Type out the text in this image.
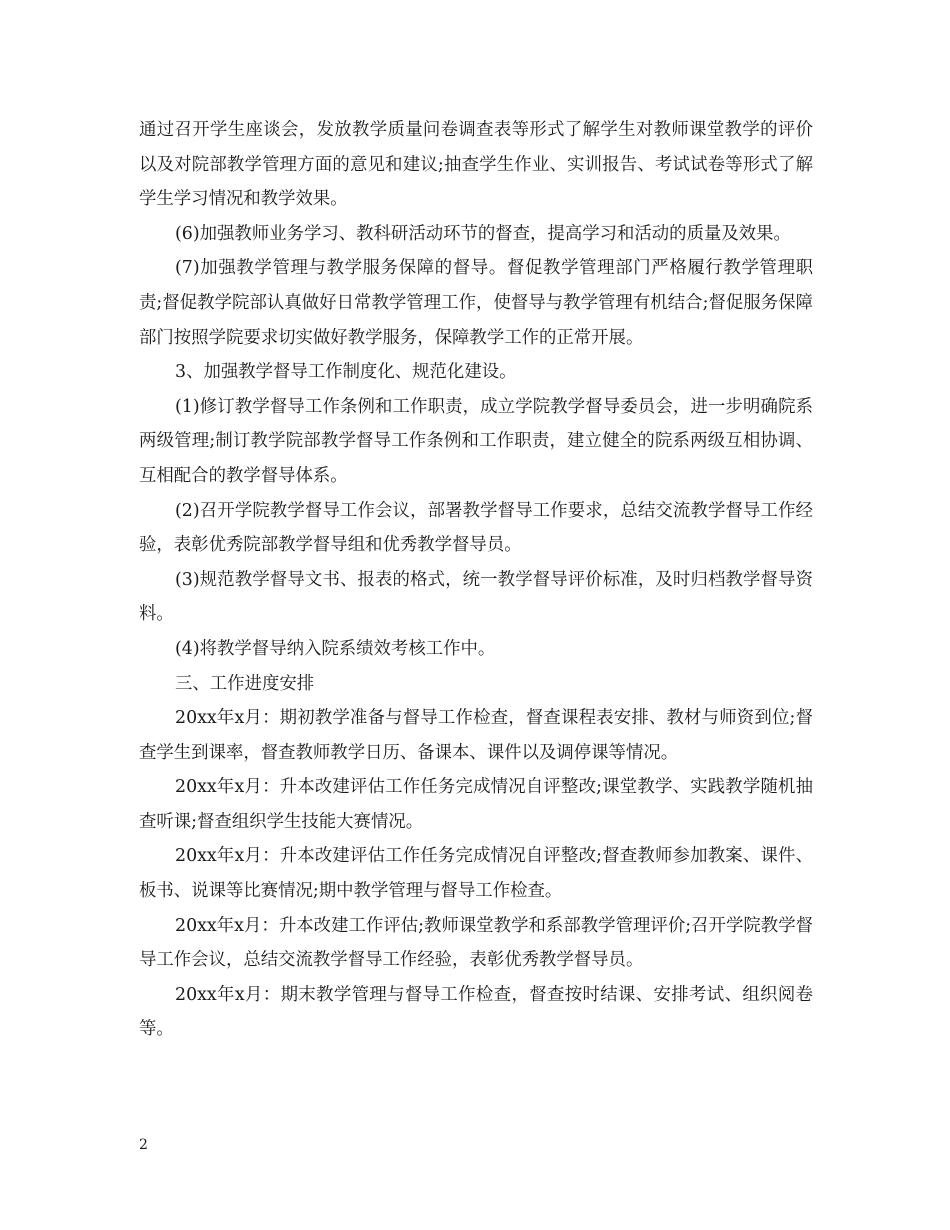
通过召开学生座谈会，发放教学质量问卷调查表等形式了解学生对教师课堂教学的评价以及对院部教学管理方面的意见和建议;抽查学生作业、实训报告、考试试卷等形式了解学生学习情况和教学效果。

(6)加强教师业务学习、教科研活动环节的督查，提高学习和活动的质量及效果。

(7)加强教学管理与教学服务保障的督导。督促教学管理部门严格履行教学管理职责;督促教学院部认真做好日常教学管理工作，使督导与教学管理有机结合;督促服务保障部门按照学院要求切实做好教学服务，保障教学工作的正常开展。

3、加强教学督导工作制度化、规范化建设。

(1)修订教学督导工作条例和工作职责，成立学院教学督导委员会，进一步明确院系两级管理;制订教学院部教学督导工作条例和工作职责，建立健全的院系两级互相协调、互相配合的教学督导体系。

(2)召开学院教学督导工作会议，部署教学督导工作要求，总结交流教学督导工作经验，表彰优秀院部教学督导组和优秀教学督导员。

(3)规范教学督导文书、报表的格式，统一教学督导评价标准，及时归档教学督导资料。

(4)将教学督导纳入院系绩效考核工作中。

三、工作进度安排

20xx年x月：期初教学准备与督导工作检查，督查课程表安排、教材与师资到位;督查学生到课率，督查教师教学日历、备课本、课件以及调停课等情况。

20xx年x月：升本改建评估工作任务完成情况自评整改;课堂教学、实践教学随机抽查听课;督查组织学生技能大赛情况。

20xx年x月：升本改建评估工作任务完成情况自评整改;督查教师参加教案、课件、板书、说课等比赛情况;期中教学管理与督导工作检查。

20xx年x月：升本改建工作评估;教师课堂教学和系部教学管理评价;召开学院教学督导工作会议，总结交流教学督导工作经验，表彰优秀教学督导员。

20xx年x月：期末教学管理与督导工作检查，督查按时结课、安排考试、组织阅卷等。

2
